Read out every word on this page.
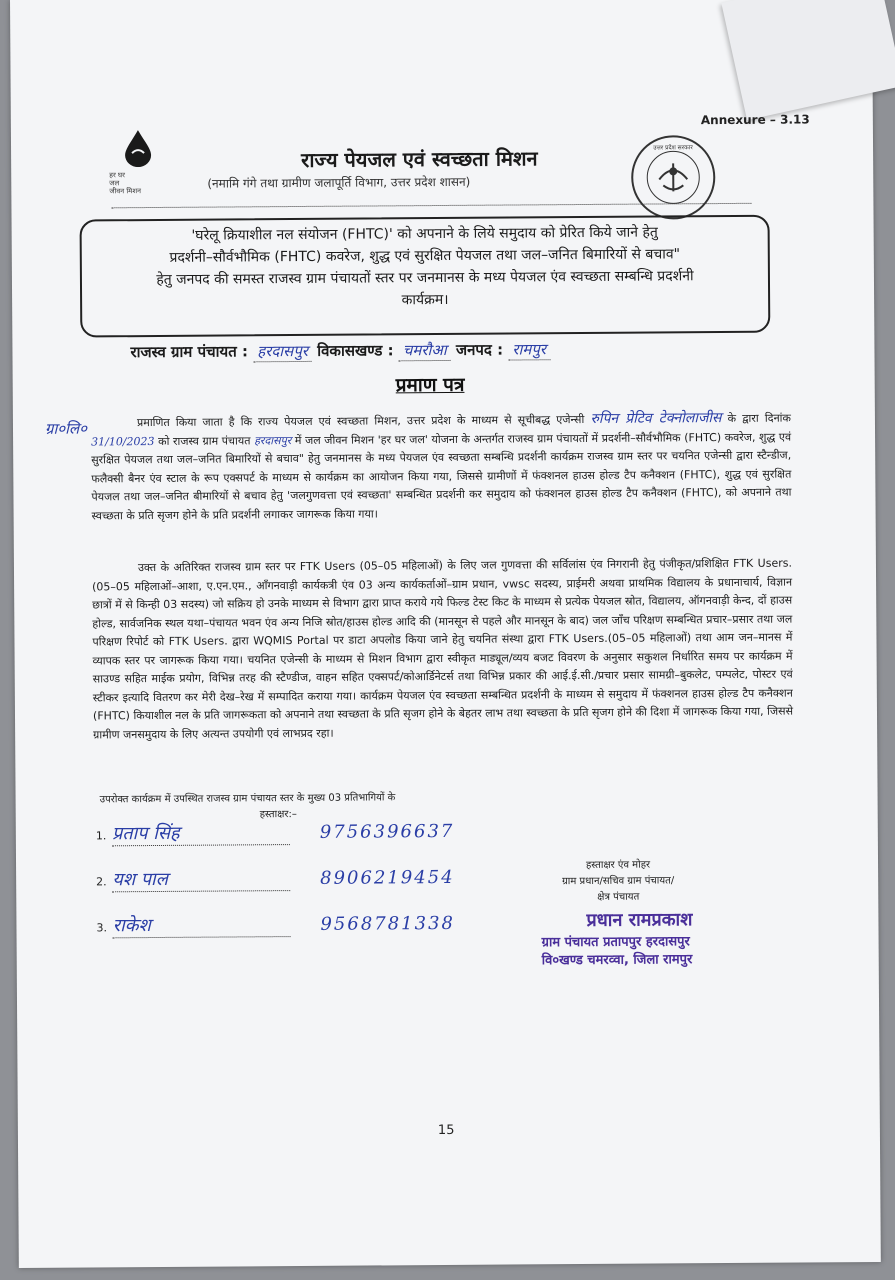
Annexure – 3.13
हर घर
जल
जीवन मिशन
राज्य पेयजल एवं स्वच्छता मिशन
(नमामि गंगे तथा ग्रामीण जलापूर्ति विभाग, उत्तर प्रदेश शासन)
उत्तर प्रदेश सरकार
'घरेलू क्रियाशील नल संयोजन (FHTC)' को अपनाने के लिये समुदाय को प्रेरित किये जाने हेतु
प्रदर्शनी–सौर्वभौमिक (FHTC) कवरेज, शुद्ध एवं सुरक्षित पेयजल तथा जल–जनित बिमारियों से बचाव"
हेतु जनपद की समस्त राजस्व ग्राम पंचायतों स्तर पर जनमानस के मध्य पेयजल एंव स्वच्छता सम्बन्धि प्रदर्शनी
कार्यक्रम।
राजस्व ग्राम पंचायत : हरदासपुर विकासखण्ड : चमरौआ जनपद : रामपुर
प्रमाण पत्र
ग्रा०लि०	प्रमाणित किया जाता है कि राज्य पेयजल एवं स्वच्छता मिशन, उत्तर प्रदेश के माध्यम से सूचीबद्ध एजेन्सी रुपिन प्रेटिव टेक्नोलाजीस के द्वारा दिनांक 31/10/2023 को राजस्व ग्राम पंचायत हरदासपुर में जल जीवन मिशन 'हर घर जल' योजना के अन्तर्गत राजस्व ग्राम पंचायतों में प्रदर्शनी–सौर्वभौमिक (FHTC) कवरेज, शुद्ध एवं सुरक्षित पेयजल तथा जल–जनित बिमारियों से बचाव" हेतु जनमानस के मध्य पेयजल एंव स्वच्छता सम्बन्धि प्रदर्शनी कार्यक्रम राजस्व ग्राम स्तर पर चयनित एजेन्सी द्वारा स्टैन्डीज, फलैक्सी बैनर एंव स्टाल के रूप एक्सपर्ट के माध्यम से कार्यक्रम का आयोजन किया गया, जिससे ग्रामीणों में फंक्शनल हाउस होल्ड टैप कनैक्शन (FHTC), शुद्ध एवं सुरक्षित पेयजल तथा जल–जनित बीमारियों से बचाव हेतु 'जलगुणवत्ता एवं स्वच्छता' सम्बन्धित प्रदर्शनी कर समुदाय को फंक्शनल हाउस होल्ड टैप कनैक्शन (FHTC), को अपनाने तथा स्वच्छता के प्रति सृजग होने के प्रति प्रदर्शनी लगाकर जागरूक किया गया।
उक्त के अतिरिक्त राजस्व ग्राम स्तर पर FTK Users (05–05 महिलाओं) के लिए जल गुणवत्ता की सर्विलांस एंव निगरानी हेतु पंजीकृत/प्रशिक्षित FTK Users.(05–05 महिलाओं–आशा, ए.एन.एम., आँगनवाड़ी कार्यकत्री एंव 03 अन्य कार्यकर्ताओं–ग्राम प्रधान, vwsc सदस्य, प्राईमरी अथवा प्राथमिक विद्यालय के प्रधानाचार्य, विज्ञान छात्रों में से किन्ही 03 सदस्य) जो सक्रिय हो उनके माध्यम से विभाग द्वारा प्राप्त कराये गये फिल्ड टेस्ट किट के माध्यम से प्रत्येक पेयजल स्रोत, विद्यालय, ऑगनवाड़ी केन्द, दों हाउस होल्ड, सार्वजनिक स्थल यथा–पंचायत भवन एंव अन्य निजि स्रोत/हाउस होल्ड आदि की (मानसून से पहले और मानसून के बाद) जल जाँच परिक्षण सम्बन्धित प्रचार–प्रसार तथा जल परिक्षण रिपोर्ट को FTK Users. द्वारा WQMIS Portal पर डाटा अपलोड किया जाने हेतु चयनित संस्था द्वारा FTK Users.(05–05 महिलाओं) तथा आम जन–मानस में व्यापक स्तर पर जागरूक किया गया। चयनित एजेन्सी के माध्यम से मिशन विभाग द्वारा स्वीकृत माड्यूल/व्यय बजट विवरण के अनुसार सकुशल निर्धारित समय पर कार्यक्रम में साउण्ड सहित माईक प्रयोग, विभिन्न तरह की स्टैण्डीज, वाहन सहित एक्सपर्ट/कोआर्डिनेटर्स तथा विभिन्न प्रकार की आई.ई.सी./प्रचार प्रसार सामग्री–बुकलेट, पम्पलेट, पोस्टर एवं स्टीकर इत्यादि वितरण कर मेरी देख–रेख में सम्पादित कराया गया। कार्यक्रम पेयजल एंव स्वच्छता सम्बन्धित प्रदर्शनी के माध्यम से समुदाय में फंक्शनल हाउस होल्ड टैप कनैक्शन (FHTC) कियाशील नल के प्रति जागरूकता को अपनाने तथा स्वच्छता के प्रति सृजग होने के बेहतर लाभ तथा स्वच्छता के प्रति सृजग होने की दिशा में जागरूक किया गया, जिससे ग्रामीण जनसमुदाय के लिए अत्यन्त उपयोगी एवं लाभप्रद रहा।
उपरोक्त कार्यक्रम में उपस्थित राजस्व ग्राम पंचायत स्तर के मुख्य 03 प्रतिभागियों के
हस्ताक्षर:–
1. प्रताप सिंह	9756396637
2. यश पाल	8906219454
3. राकेश	9568781338
हस्ताक्षर एंव मोहर
ग्राम प्रधान/सचिव ग्राम पंचायत/
क्षेत्र पंचायत
प्रधान रामप्रकाश
ग्राम पंचायत प्रतापपुर हरदासपुर
वि०खण्ड चमरव्वा, जिला रामपुर
15
